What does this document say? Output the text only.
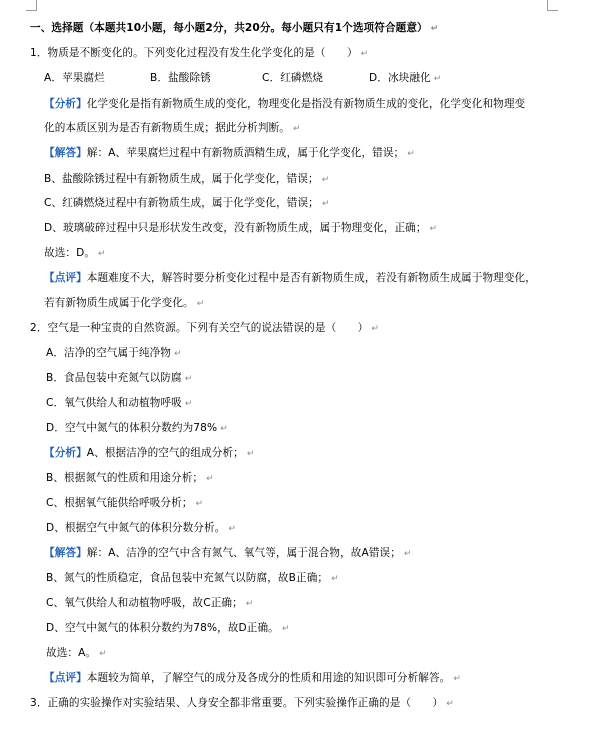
一、选择题（本题共10小题，每小题2分，共20分。每小题只有1个选项符合题意） ↵
1．物质是不断变化的。下列变化过程没有发生化学变化的是（　　） ↵
A．苹果腐烂	B．盐酸除锈	C．红磷燃烧	D．冰块融化 ↵
【分析】化学变化是指有新物质生成的变化，物理变化是指没有新物质生成的变化，化学变化和物理变
化的本质区别为是否有新物质生成；据此分析判断。 ↵
【解答】解：A、苹果腐烂过程中有新物质酒精生成，属于化学变化，错误； ↵
B、盐酸除锈过程中有新物质生成，属于化学变化，错误； ↵
C、红磷燃烧过程中有新物质生成，属于化学变化，错误； ↵
D、玻璃破碎过程中只是形状发生改变，没有新物质生成，属于物理变化，正确； ↵
故选：D。 ↵
【点评】本题难度不大，解答时要分析变化过程中是否有新物质生成，若没有新物质生成属于物理变化，
若有新物质生成属于化学变化。 ↵
2．空气是一种宝贵的自然资源。下列有关空气的说法错误的是（　　） ↵
A．洁净的空气属于纯净物 ↵
B．食品包装中充氮气以防腐 ↵
C．氧气供给人和动植物呼吸 ↵
D．空气中氮气的体积分数约为78% ↵
【分析】A、根据洁净的空气的组成分析； ↵
B、根据氮气的性质和用途分析； ↵
C、根据氧气能供给呼吸分析； ↵
D、根据空气中氮气的体积分数分析。 ↵
【解答】解：A、洁净的空气中含有氮气、氧气等，属于混合物，故A错误； ↵
B、氮气的性质稳定，食品包装中充氮气以防腐，故B正确； ↵
C、氧气供给人和动植物呼吸，故C正确； ↵
D、空气中氮气的体积分数约为78%，故D正确。 ↵
故选：A。 ↵
【点评】本题较为简单，了解空气的成分及各成分的性质和用途的知识即可分析解答。 ↵
3．正确的实验操作对实验结果、人身安全都非常重要。下列实验操作正确的是（　　） ↵
